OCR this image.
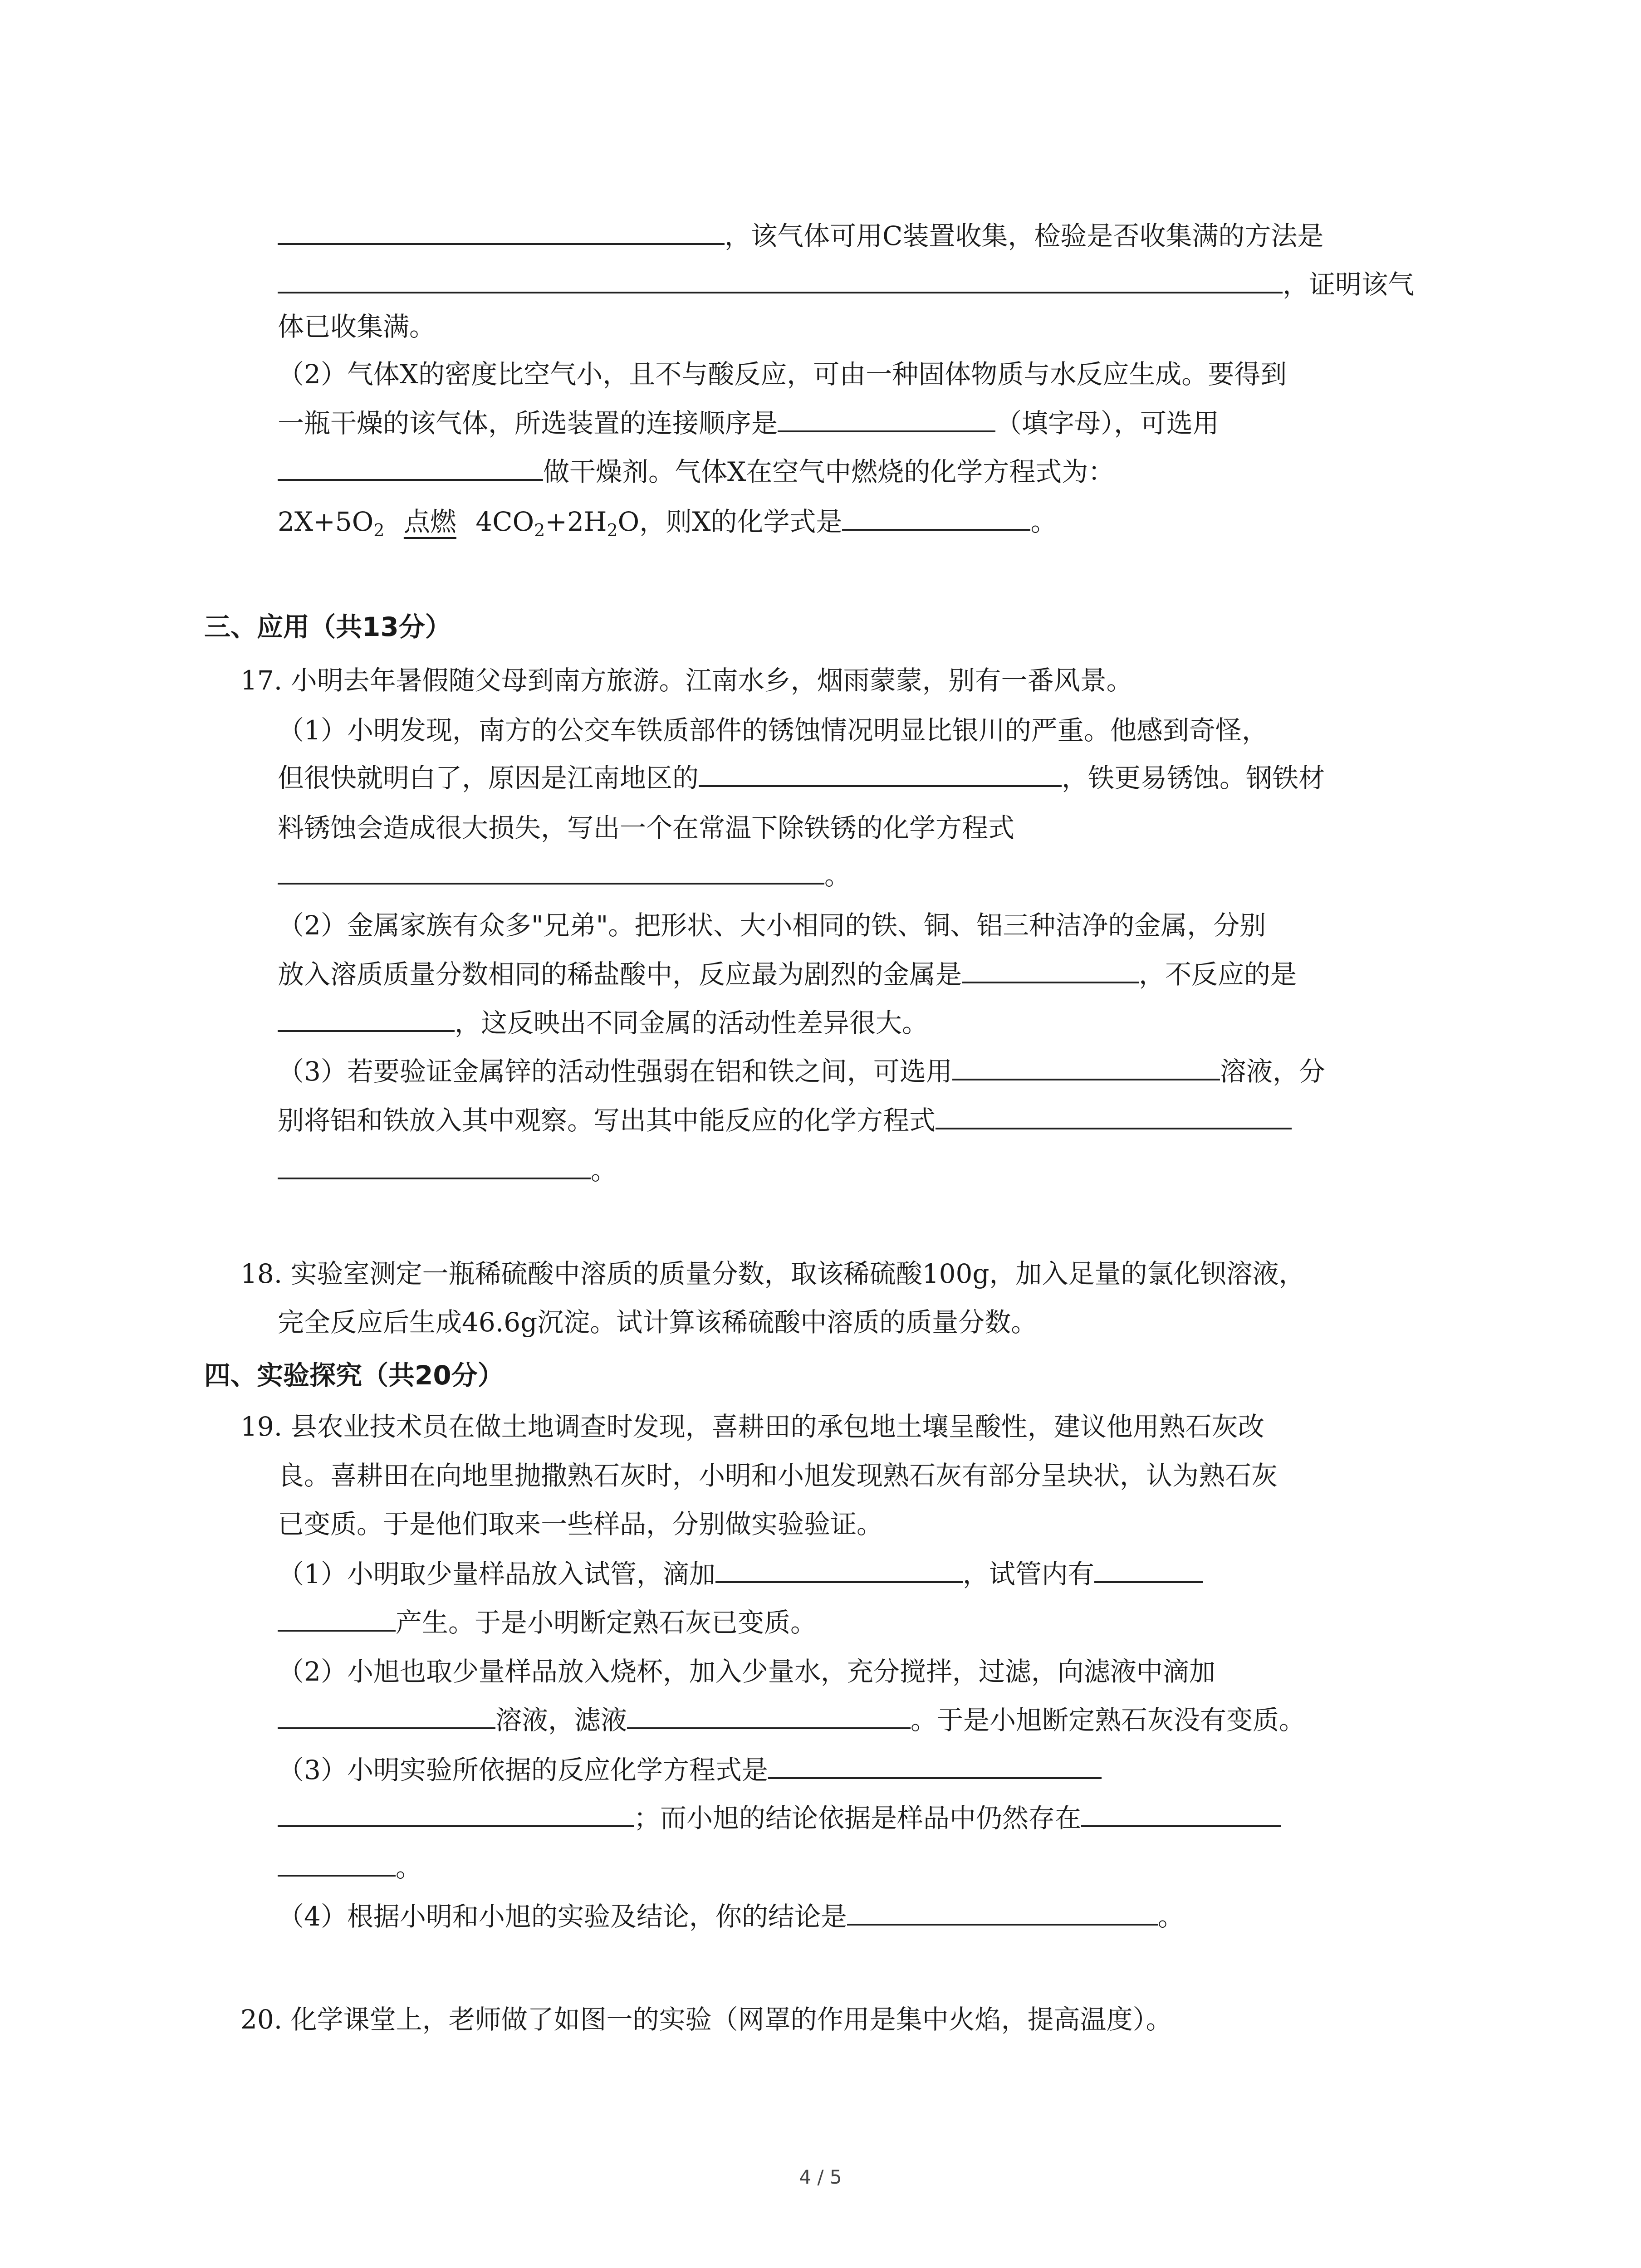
，该气体可用C装置收集，检验是否收集满的方法是
，证明该气
体已收集满。
（2）气体X的密度比空气小，且不与酸反应，可由一种固体物质与水反应生成。要得到
一瓶干燥的该气体，所选装置的连接顺序是	（填字母），可选用
做干燥剂。气体X在空气中燃烧的化学方程式为：
$2X+5O_2$ 点燃 $4CO_2+2H_2O$，则X的化学式是	。
三、应用（共13分）
17. 小明去年暑假随父母到南方旅游。江南水乡，烟雨蒙蒙，别有一番风景。
（1）小明发现，南方的公交车铁质部件的锈蚀情况明显比银川的严重。他感到奇怪，
但很快就明白了，原因是江南地区的	，铁更易锈蚀。钢铁材
料锈蚀会造成很大损失，写出一个在常温下除铁锈的化学方程式
。
（2）金属家族有众多"兄弟"。把形状、大小相同的铁、铜、铝三种洁净的金属，分别
放入溶质质量分数相同的稀盐酸中，反应最为剧烈的金属是	，不反应的是
，这反映出不同金属的活动性差异很大。
（3）若要验证金属锌的活动性强弱在铝和铁之间，可选用	溶液，分
别将铝和铁放入其中观察。写出其中能反应的化学方程式
。
18. 实验室测定一瓶稀硫酸中溶质的质量分数，取该稀硫酸100g，加入足量的氯化钡溶液，
完全反应后生成46.6g沉淀。试计算该稀硫酸中溶质的质量分数。
四、实验探究（共20分）
19. 县农业技术员在做土地调查时发现，喜耕田的承包地土壤呈酸性，建议他用熟石灰改
良。喜耕田在向地里抛撒熟石灰时，小明和小旭发现熟石灰有部分呈块状，认为熟石灰
已变质。于是他们取来一些样品，分别做实验验证。
（1）小明取少量样品放入试管，滴加	，试管内有
产生。于是小明断定熟石灰已变质。
（2）小旭也取少量样品放入烧杯，加入少量水，充分搅拌，过滤，向滤液中滴加
溶液，滤液	。于是小旭断定熟石灰没有变质。
（3）小明实验所依据的反应化学方程式是
；而小旭的结论依据是样品中仍然存在
。
（4）根据小明和小旭的实验及结论，你的结论是	。
20. 化学课堂上，老师做了如图一的实验（网罩的作用是集中火焰，提高温度）。
4 / 5
